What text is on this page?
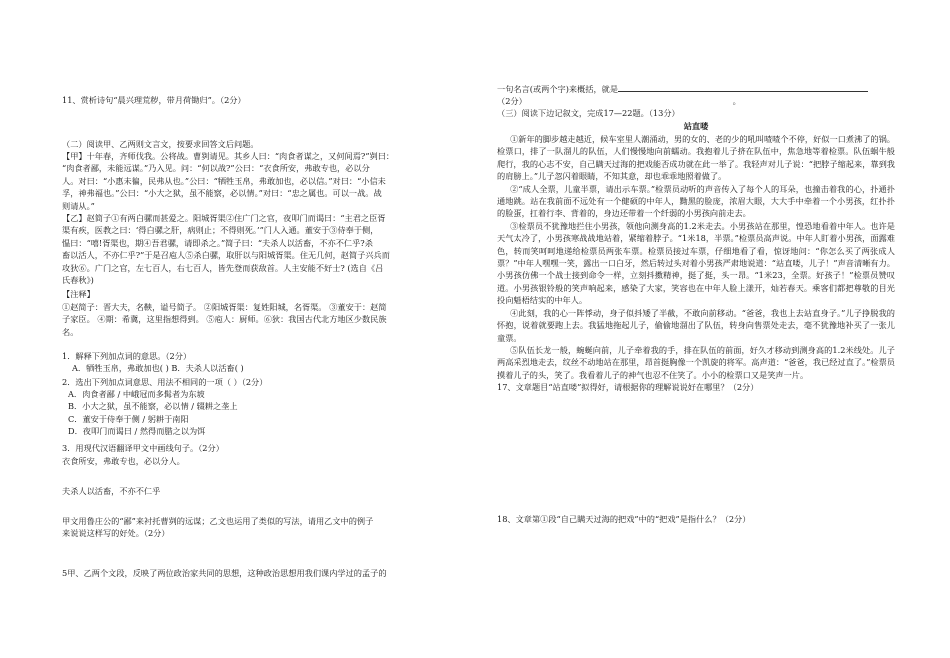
11、赏析诗句“晨兴理荒秽，带月荷锄归”。（2分）

（二）阅读甲、乙两则文言文，按要求回答文后问题。

【甲】十年春，齐师伐我。公将战。曹刿请见。其乡人曰：“肉食者谋之，又何间焉?”刿曰：

“肉食者鄙，未能远谋。”乃入见。问：“何以战?”公曰：“衣食所安，弗敢专也，必以分

人。对曰：“小惠未徧，民弗从也。”公曰：“牺牲玉帛，弗敢加也，必以信。”对曰：“小信未

孚，神弗福也。”公曰：“小大之狱，虽不能察，必以情。”对曰：“忠之属也。可以一战。战

则请从。”

【乙】赵简子①有两白骡而甚爱之。阳城胥渠②住广门之官，夜叩门而谒曰：“主君之臣胥

渠有疾，医教之曰：‘得白骡之肝，病则止；不得则死。’”门人入通。董安于③侍奉于侧，

愠曰：“嘻!胥渠也，期④吾君骡，请即杀之。”简子曰：“夫杀人以活畜，不亦不仁乎?杀

畜以活人，不亦仁乎?”于是召庖人⑤杀白骡，取肝以与阳城胥渠。住无几何，赵简子兴兵而

攻狄⑥。广门之官，左七百人，右七百人，皆先登而获敌首。人主安能不好士? (选自《吕

氏春秋》)

【注释】

①赵简子：晋大夫，名鞅，谥号简子。 ②阳城胥渠：复姓阳城，名胥渠。 ③董安于：赵简

子家臣。 ④期：希冀，这里指想得到。 ⑤庖人：厨师。⑥狄：我国古代北方地区少数民族

名。

1．解释下列加点词的意思。（2分）

A．牺牲玉帛，弗敢加也( ) B．夫杀人以活畜( )

2．选出下列加点词意思、用法不相同的一项（ ）（2分）

A．肉食者鄙 / 中峨冠而多髯者为东坡

B．小大之狱，虽不能察，必以情 / 辍耕之垄上

C．董安于侍奉于侧 / 躬耕于南阳

D．夜叩门而谒曰 / 然得而腊之以为饵

3．用现代汉语翻译甲文中画线句子。（2分）

衣食所安，弗敢专也，必以分人。

夫杀人以活畜，不亦不仁乎

甲文用鲁庄公的“鄙”来衬托曹刿的远谋；乙文也运用了类似的写法，请用乙文中的例子

来说说这样写的好处。（2分）

5甲、乙两个文段，反映了两位政治家共同的思想，这种政治思想用我们课内学过的孟子的

一句名言(或两个字)来概括，就是

（2分）	。

（三）阅读下边记叙文，完成17—22题。（13分）

站直喽

①新年的脚步越走越近，候车室里人潮涌动，男的女的、老的少的吼叫喳喳个不停，好似一口煮沸了的锅。检票口，排了一队溜儿的队伍，人们慢慢地向前蠕动。我抱着儿子挤在队伍中，焦急地等着检票。队伍蜗牛般爬行，我的心志不安，自己瞒天过海的把戏能否成功就在此一举了。我轻声对儿子说：“把脖子缩起来，靠到我的肩膀上。”儿子忽闪着眼睛，不知其意，却也乖乖地照着做了。

②“成人全票，儿童半票，请出示车票。”检票员动听的声音传入了每个人的耳朵，也撞击着我的心，扑通扑通地跳。站在我前面不远处有一个健硕的中年人，黝黑的脸庞，浓眉大眼，大大手中牵着一个小男孩，红扑扑的脸蛋，扛着行李、背着的，身边还带着一个纤弱的小男孩向前走去。

③检票员不犹豫地拦住小男孩，领他向测身高的1.2米走去。小男孩站在那里，惶恐地看着中年人。也许是天气太冷了，小男孩寒战战地站着，紧缩着脖子。“1米18，半票。”检票员高声说。中年人盯着小男孩，面露难色，转而笑呵呵地递给检票员两张车票。检票员接过车票，仔细地看了看，惊讶地问：“你怎么买了两张成人票？”中年人嘿嘿一笑，露出一口白牙，然后转过头对着小男孩严肃地说道：“站直喽，儿子！”声音清晰有力。小男孩仿佛一个战士接到命令一样，立刻抖擞精神，挺了挺，头一昂。“1米23，全票。好孩子！”检票员赞叹道。小男孩银铃般的笑声响起来，感染了大家，笑容也在中年人脸上漾开，灿若春天。乘客们都把尊敬的目光投向魁梧结实的中年人。

④此刻，我的心一阵悸动，身子似抖矮了半截，不敢向前移动。“爸爸，我也上去站直身子。”儿子挣脱我的怀抱，说着就要跑上去。我猛地拖起儿子，偷偷地溜出了队伍，转身向售票处走去，毫不犹豫地补买了一张儿童票。

⑤队伍长龙一般，蜿蜒向前，儿子牵着我的手，排在队伍的前面，好久才移动到测身高的1.2米线处。儿子两高采烈地走去，纹丝不动地站在那里，昂首挺胸像一个凯旋的将军。高声道：“爸爸，我已经过直了。”检票员摸着儿子的头，笑了。我看着儿子的神气也忍不住笑了。小小的检票口又是笑声一片。

17、文章题目“站直喽”拟得好，请根据你的理解说说好在哪里？（2分）

18、文章第①段“自己瞒天过海的把戏”中的“把戏”是指什么？（2分）
